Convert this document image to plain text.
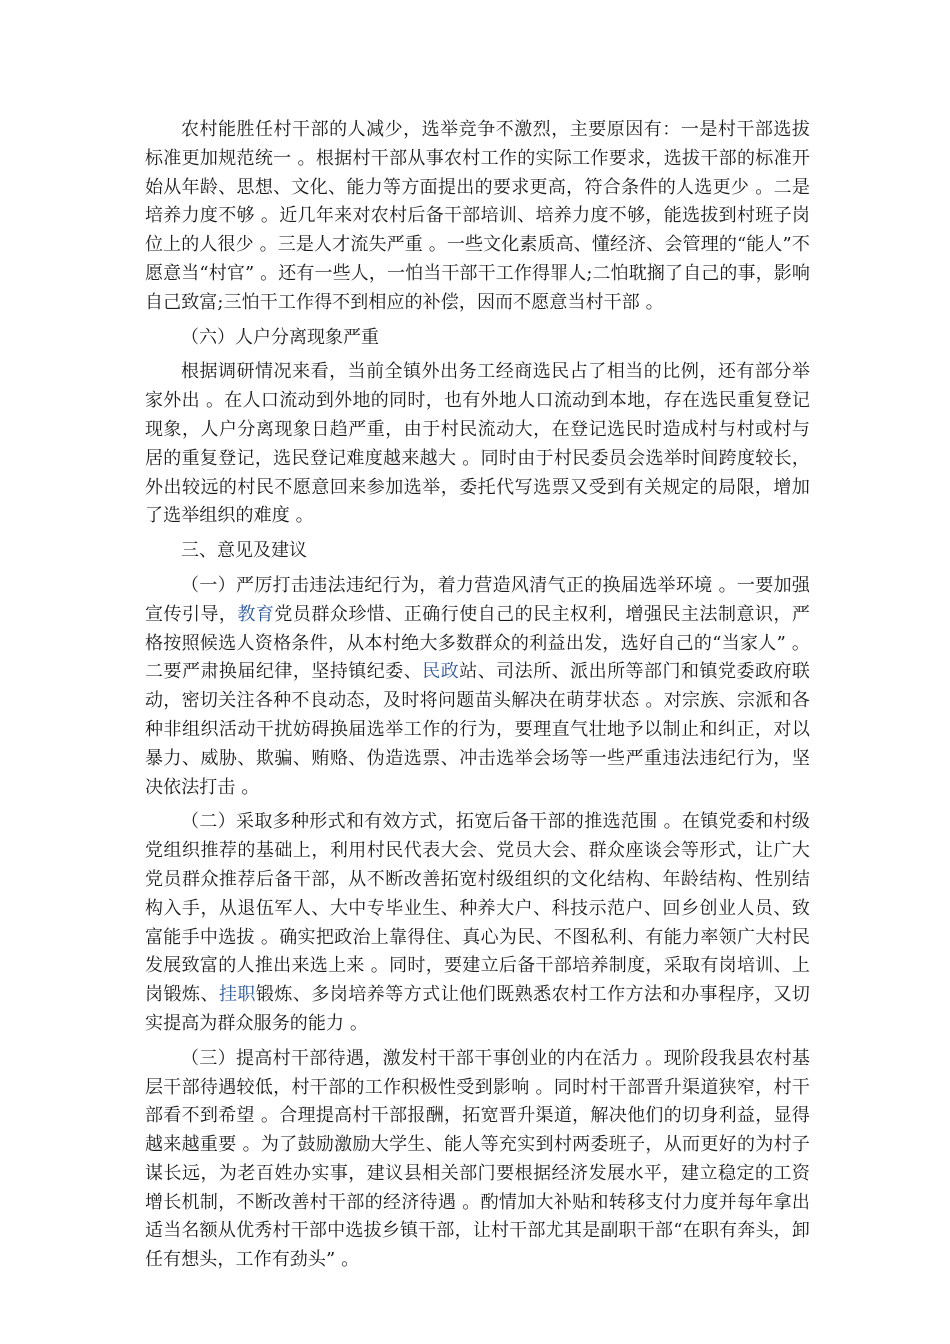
农村能胜任村干部的人减少，选举竞争不激烈，主要原因有：一是村干部选拔标准更加规范统一 。根据村干部从事农村工作的实际工作要求，选拔干部的标准开始从年龄、思想、文化、能力等方面提出的要求更高，符合条件的人选更少 。二是培养力度不够 。近几年来对农村后备干部培训、培养力度不够，能选拔到村班子岗位上的人很少 。三是人才流失严重 。一些文化素质高、懂经济、会管理的“能人”不愿意当“村官” 。还有一些人，一怕当干部干工作得罪人;二怕耽搁了自己的事，影响自己致富;三怕干工作得不到相应的补偿，因而不愿意当村干部 。

（六）人户分离现象严重

根据调研情况来看，当前全镇外出务工经商选民占了相当的比例，还有部分举家外出 。在人口流动到外地的同时，也有外地人口流动到本地，存在选民重复登记现象，人户分离现象日趋严重，由于村民流动大，在登记选民时造成村与村或村与居的重复登记，选民登记难度越来越大 。同时由于村民委员会选举时间跨度较长，外出较远的村民不愿意回来参加选举，委托代写选票又受到有关规定的局限，增加了选举组织的难度 。

三、意见及建议

（一）严厉打击违法违纪行为，着力营造风清气正的换届选举环境 。一要加强宣传引导，教育党员群众珍惜、正确行使自己的民主权利，增强民主法制意识，严格按照候选人资格条件，从本村绝大多数群众的利益出发，选好自己的“当家人” 。二要严肃换届纪律，坚持镇纪委、民政站、司法所、派出所等部门和镇党委政府联动，密切关注各种不良动态，及时将问题苗头解决在萌芽状态 。对宗族、宗派和各种非组织活动干扰妨碍换届选举工作的行为，要理直气壮地予以制止和纠正，对以暴力、威胁、欺骗、贿赂、伪造选票、冲击选举会场等一些严重违法违纪行为，坚决依法打击 。

（二）采取多种形式和有效方式，拓宽后备干部的推选范围 。在镇党委和村级党组织推荐的基础上，利用村民代表大会、党员大会、群众座谈会等形式，让广大党员群众推荐后备干部，从不断改善拓宽村级组织的文化结构、年龄结构、性别结构入手，从退伍军人、大中专毕业生、种养大户、科技示范户、回乡创业人员、致富能手中选拔 。确实把政治上靠得住、真心为民、不图私利、有能力率领广大村民发展致富的人推出来选上来 。同时，要建立后备干部培养制度，采取有岗培训、上岗锻炼、挂职锻炼、多岗培养等方式让他们既熟悉农村工作方法和办事程序，又切实提高为群众服务的能力 。

（三）提高村干部待遇，激发村干部干事创业的内在活力 。现阶段我县农村基层干部待遇较低，村干部的工作积极性受到影响 。同时村干部晋升渠道狭窄，村干部看不到希望 。合理提高村干部报酬，拓宽晋升渠道，解决他们的切身利益，显得越来越重要 。为了鼓励激励大学生、能人等充实到村两委班子，从而更好的为村子谋长远，为老百姓办实事，建议县相关部门要根据经济发展水平，建立稳定的工资增长机制，不断改善村干部的经济待遇 。酌情加大补贴和转移支付力度并每年拿出适当名额从优秀村干部中选拔乡镇干部，让村干部尤其是副职干部“在职有奔头，卸任有想头，工作有劲头” 。
